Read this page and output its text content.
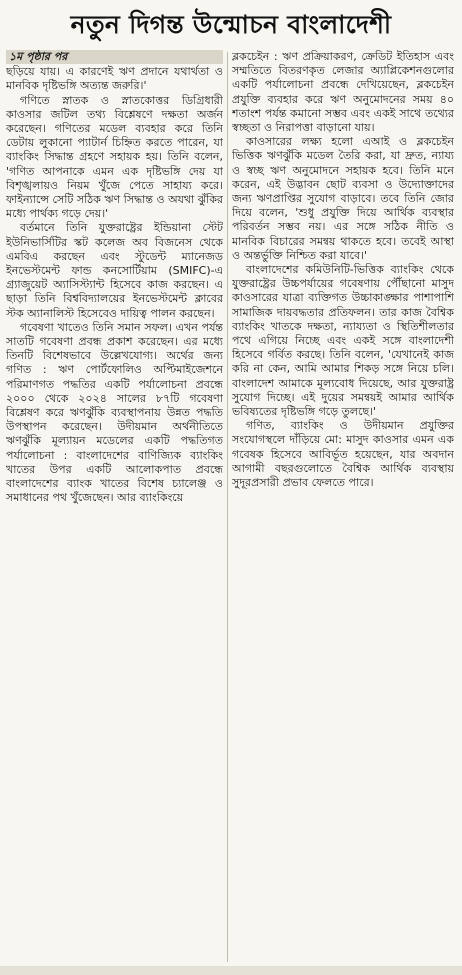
নতুন দিগন্ত উন্মোচন বাংলাদেশী
১ম পৃষ্ঠার পর

ছড়িয়ে যায়। এ কারণেই ঋণ প্রদানে যথার্থতা ও মানবিক দৃষ্টিভঙ্গি অত্যন্ত জরুরি।'

গণিতে স্নাতক ও স্নাতকোত্তর ডিগ্রিধারী কাওসার জটিল তথ্য বিশ্লেষণে দক্ষতা অর্জন করেছেন। গণিতের মডেল ব্যবহার করে তিনি ডেটায় লুকানো প্যাটার্ন চিহ্নিত করতে পারেন, যা ব্যাংকিং সিদ্ধান্ত গ্রহণে সহায়ক হয়। তিনি বলেন, 'গণিত আপনাকে এমন এক দৃষ্টিভঙ্গি দেয় যা বিশৃঙ্খলায়ও নিয়ম খুঁজে পেতে সাহায্য করে। ফাইন্যান্সে সেটি সঠিক ঋণ সিদ্ধান্ত ও অযথা ঝুঁকির মধ্যে পার্থক্য গড়ে দেয়।'

বর্তমানে তিনি যুক্তরাষ্ট্রের ইন্ডিয়ানা স্টেট ইউনিভার্সিটির স্কট কলেজ অব বিজনেস থেকে এমবিএ করছেন এবং স্টুডেন্ট ম্যানেজড ইনভেস্টমেন্ট ফান্ড কনসোর্টিয়াম (SMIFC)-এ গ্র্যাজুয়েট অ্যাসিস্ট্যান্ট হিসেবে কাজ করছেন। এ ছাড়া তিনি বিশ্ববিদ্যালয়ের ইনভেস্টমেন্ট ক্লাবের স্টক অ্যানালিস্ট হিসেবেও দায়িত্ব পালন করছেন।

গবেষণা খাতেও তিনি সমান সফল। এখন পর্যন্ত সাতটি গবেষণা প্রবন্ধ প্রকাশ করেছেন। এর মধ্যে তিনটি বিশেষভাবে উল্লেখযোগ্য। অর্থের জন্য গণিত : ঋণ পোর্টফোলিও অপ্টিমাইজেশনে পরিমাণগত পদ্ধতির একটি পর্যালোচনা প্রবন্ধে ২০০০ থেকে ২০২৪ সালের ৮৭টি গবেষণা বিশ্লেষণ করে ঋণঝুঁকি ব্যবস্থাপনায় উন্নত পদ্ধতি উপস্থাপন করেছেন। উদীয়মান অর্থনীতিতে ঋণঝুঁকি মূল্যায়ন মডেলের একটি পদ্ধতিগত পর্যালোচনা : বাংলাদেশের বাণিজ্যিক ব্যাংকিং খাতের উপর একটি আলোকপাত প্রবন্ধে বাংলাদেশের ব্যাংক খাতের বিশেষ চ্যালেঞ্জ ও সমাধানের পথ খুঁজেছেন। আর ব্যাংকিংয়ে

ব্লকচেইন : ঋণ প্রক্রিয়াকরণ, ক্রেডিট ইতিহাস এবং সম্মতিতে বিতরণকৃত লেজার অ্যাপ্লিকেশনগুলোর একটি পর্যালোচনা প্রবন্ধে দেখিয়েছেন, ব্লকচেইন প্রযুক্তি ব্যবহার করে ঋণ অনুমোদনের সময় ৪০ শতাংশ পর্যন্ত কমানো সম্ভব এবং একই সাথে তথ্যের স্বচ্ছতা ও নিরাপত্তা বাড়ানো যায়।

কাওসারের লক্ষ্য হলো এআই ও ব্লকচেইন ভিত্তিক ঋণঝুঁকি মডেল তৈরি করা, যা দ্রুত, ন্যায্য ও স্বচ্ছ ঋণ অনুমোদনে সহায়ক হবে। তিনি মনে করেন, এই উদ্ভাবন ছোট ব্যবসা ও উদ্যোক্তাদের জন্য ঋণপ্রাপ্তির সুযোগ বাড়াবে। তবে তিনি জোর দিয়ে বলেন, 'শুধু প্রযুক্তি দিয়ে আর্থিক ব্যবস্থার পরিবর্তন সম্ভব নয়। এর সঙ্গে সঠিক নীতি ও মানবিক বিচারের সমন্বয় থাকতে হবে। তবেই আস্থা ও অন্তর্ভুক্তি নিশ্চিত করা যাবে।'

বাংলাদেশের কমিউনিটি-ভিত্তিক ব্যাংকিং থেকে যুক্তরাষ্ট্রের উচ্চপর্যায়ের গবেষণায় পৌঁছানো মাসুদ কাওসারের যাত্রা ব্যক্তিগত উচ্চাকাঙ্ক্ষার পাশাপাশি সামাজিক দায়বদ্ধতার প্রতিফলন। তার কাজ বৈশ্বিক ব্যাংকিং খাতকে দক্ষতা, ন্যায্যতা ও স্থিতিশীলতার পথে এগিয়ে নিচ্ছে এবং একই সঙ্গে বাংলাদেশী হিসেবে গর্বিত করছে। তিনি বলেন, 'যেখানেই কাজ করি না কেন, আমি আমার শিকড় সঙ্গে নিয়ে চলি। বাংলাদেশ আমাকে মূল্যবোধ দিয়েছে, আর যুক্তরাষ্ট্র সুযোগ দিচ্ছে। এই দুয়ের সমন্বয়ই আমার আর্থিক ভবিষ্যতের দৃষ্টিভঙ্গি গড়ে তুলছে।'

গণিত, ব্যাংকিং ও উদীয়মান প্রযুক্তির সংযোগস্থলে দাঁড়িয়ে মো: মাসুদ কাওসার এমন এক গবেষক হিসেবে আবির্ভূত হয়েছেন, যার অবদান আগামী বছরগুলোতে বৈশ্বিক আর্থিক ব্যবস্থায় সুদূরপ্রসারী প্রভাব ফেলতে পারে।
